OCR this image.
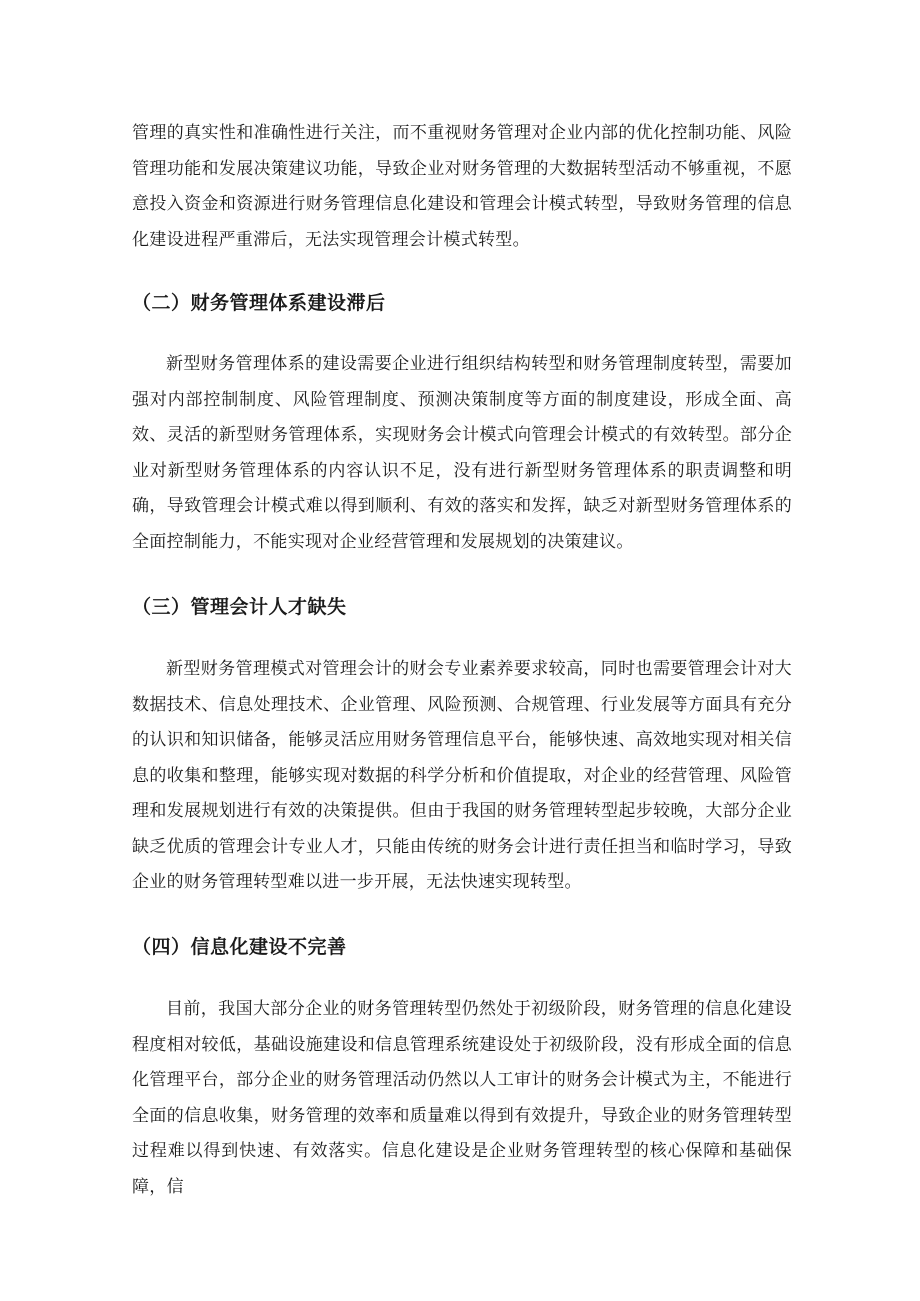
管理的真实性和准确性进行关注，而不重视财务管理对企业内部的优化控制功能、风险管理功能和发展决策建议功能，导致企业对财务管理的大数据转型活动不够重视，不愿意投入资金和资源进行财务管理信息化建设和管理会计模式转型，导致财务管理的信息化建设进程严重滞后，无法实现管理会计模式转型。

（二）财务管理体系建设滞后

新型财务管理体系的建设需要企业进行组织结构转型和财务管理制度转型，需要加强对内部控制制度、风险管理制度、预测决策制度等方面的制度建设，形成全面、高效、灵活的新型财务管理体系，实现财务会计模式向管理会计模式的有效转型。部分企业对新型财务管理体系的内容认识不足，没有进行新型财务管理体系的职责调整和明确，导致管理会计模式难以得到顺利、有效的落实和发挥，缺乏对新型财务管理体系的全面控制能力，不能实现对企业经营管理和发展规划的决策建议。

（三）管理会计人才缺失

新型财务管理模式对管理会计的财会专业素养要求较高，同时也需要管理会计对大数据技术、信息处理技术、企业管理、风险预测、合规管理、行业发展等方面具有充分的认识和知识储备，能够灵活应用财务管理信息平台，能够快速、高效地实现对相关信息的收集和整理，能够实现对数据的科学分析和价值提取，对企业的经营管理、风险管理和发展规划进行有效的决策提供。但由于我国的财务管理转型起步较晚，大部分企业缺乏优质的管理会计专业人才，只能由传统的财务会计进行责任担当和临时学习，导致企业的财务管理转型难以进一步开展，无法快速实现转型。

（四）信息化建设不完善

目前，我国大部分企业的财务管理转型仍然处于初级阶段，财务管理的信息化建设程度相对较低，基础设施建设和信息管理系统建设处于初级阶段，没有形成全面的信息化管理平台，部分企业的财务管理活动仍然以人工审计的财务会计模式为主，不能进行全面的信息收集，财务管理的效率和质量难以得到有效提升，导致企业的财务管理转型过程难以得到快速、有效落实。信息化建设是企业财务管理转型的核心保障和基础保障，信
